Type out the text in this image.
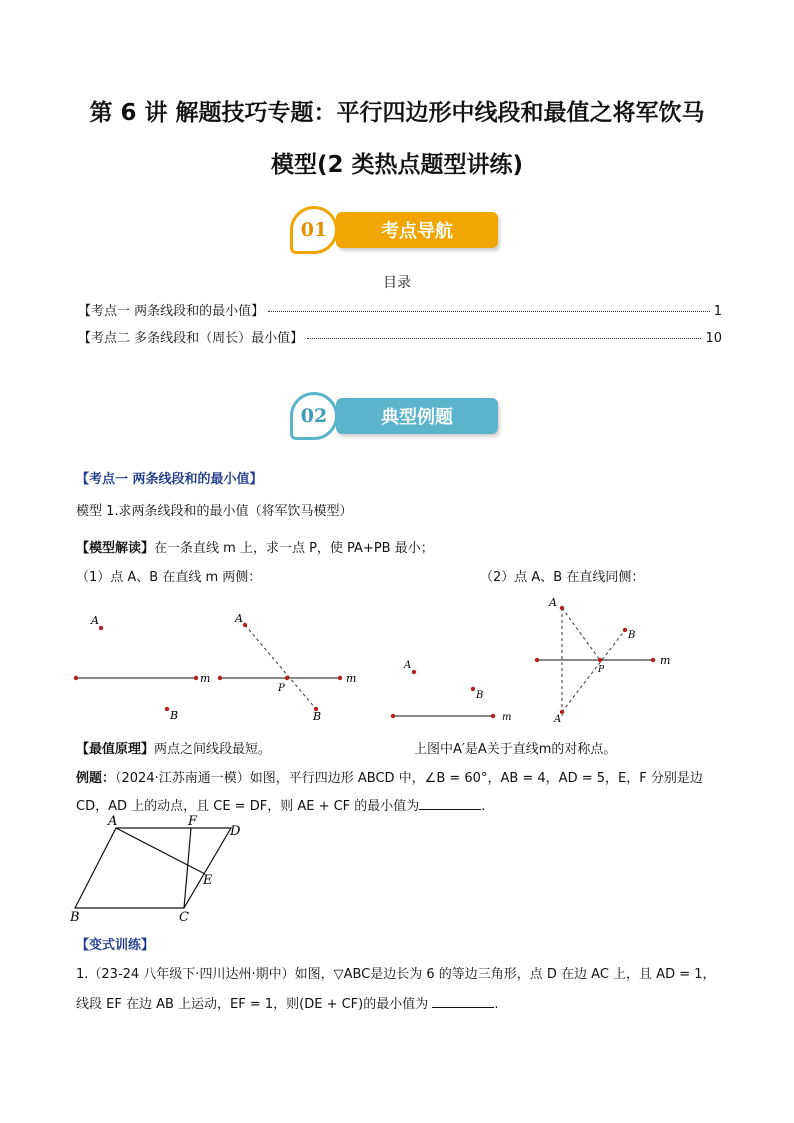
第 6 讲 解题技巧专题：平行四边形中线段和最值之将军饮马
模型(2 类热点题型讲练)
考点导航
01
目录
【考点一 两条线段和的最小值】	1
【考点二 多条线段和（周长）最小值】	10
典型例题
02
【考点一 两条线段和的最小值】
模型 1.求两条线段和的最小值（将军饮马模型）
【模型解读】在一条直线 m 上，求一点 P，使 PA+PB 最小；
（1）点 A、B 在直线 m 两侧：	（2）点 A、B 在直线同侧：
A
B
m
A
B
P
m
A
B
m
A
B
P
A′
m
【最值原理】两点之间线段最短。	上图中A′是A关于直线m的对称点。
例题：（2024·江苏南通一模）如图，平行四边形 ABCD 中，∠B = 60°，AB = 4，AD = 5，E，F 分别是边
CD，AD 上的动点，且 CE = DF，则 AE + CF 的最小值为	.
A	F
D
E
B	C
【变式训练】
1.（23-24 八年级下·四川达州·期中）如图，▽ABC是边长为 6 的等边三角形，点 D 在边 AC 上，且 AD = 1，
线段 EF 在边 AB 上运动，EF = 1，则(DE + CF)的最小值为	.
